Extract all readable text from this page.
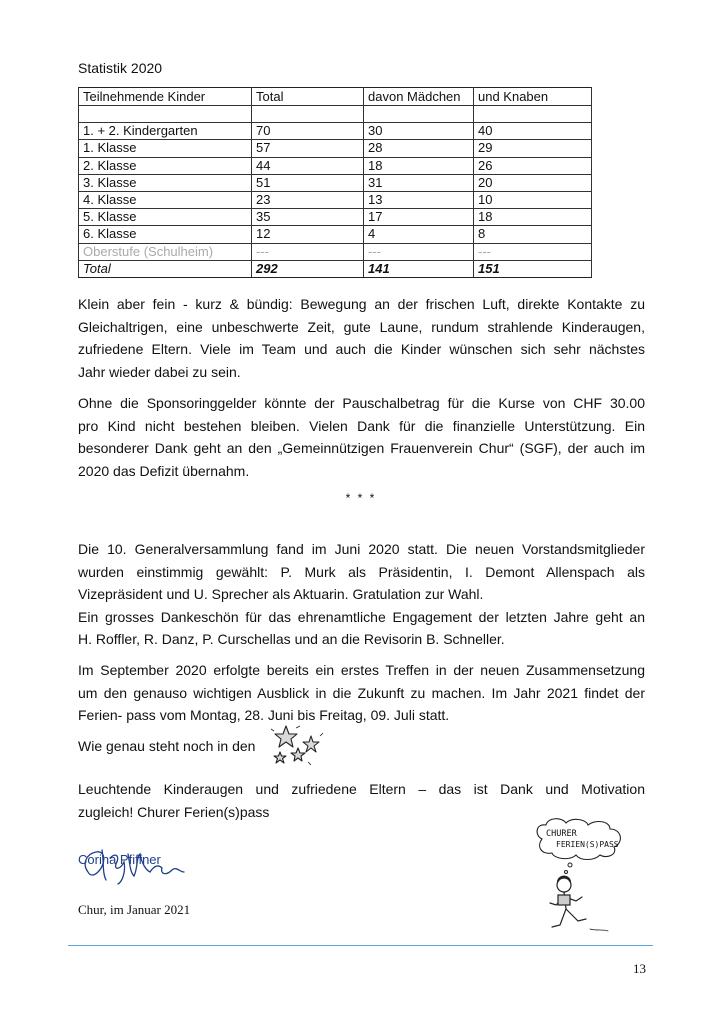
Statistik 2020
Teilnehmende Kinder	Total	davon Mädchen	und Knaben

1. + 2. Kindergarten	70	30	40
1. Klasse	57	28	29
2. Klasse	44	18	26
3. Klasse	51	31	20
4. Klasse	23	13	10
5. Klasse	35	17	18
6. Klasse	12	4	8
Oberstufe (Schulheim)	---	---	---
Total	292	141	151
Klein aber fein - kurz & bündig: Bewegung an der frischen Luft, direkte Kontakte zu
Gleichaltrigen, eine unbeschwerte Zeit, gute Laune, rundum strahlende Kinderaugen,
zufriedene Eltern. Viele im Team und auch die Kinder wünschen sich sehr nächstes
Jahr wieder dabei zu sein.
Ohne die Sponsoringgelder könnte der Pauschalbetrag für die Kurse von CHF 30.00
pro Kind nicht bestehen bleiben. Vielen Dank für die finanzielle Unterstützung. Ein
besonderer Dank geht an den „Gemeinnützigen Frauenverein Chur“ (SGF), der auch im
2020 das Defizit übernahm.
* * *
Die 10. Generalversammlung fand im Juni 2020 statt. Die neuen Vorstandsmitglieder
wurden einstimmig gewählt: P. Murk als Präsidentin, I. Demont Allenspach als
Vizepräsident und U. Sprecher als Aktuarin. Gratulation zur Wahl.
Ein grosses Dankeschön für das ehrenamtliche Engagement der letzten Jahre geht an
H. Roffler, R. Danz, P. Curschellas und an die Revisorin B. Schneller.
Im September 2020 erfolgte bereits ein erstes Treffen in der neuen Zusammensetzung
um den genauso wichtigen Ausblick in die Zukunft zu machen. Im Jahr 2021 findet der
Ferien- pass vom Montag, 28. Juni bis Freitag, 09. Juli statt.
Wie genau steht noch in den
Leuchtende Kinderaugen und zufriedene Eltern – das ist Dank und Motivation
zugleich! Churer Ferien(s)pass
Corina Pfiffner
Chur, im Januar 2021
CHURER
FERIEN(S)PASS
13
